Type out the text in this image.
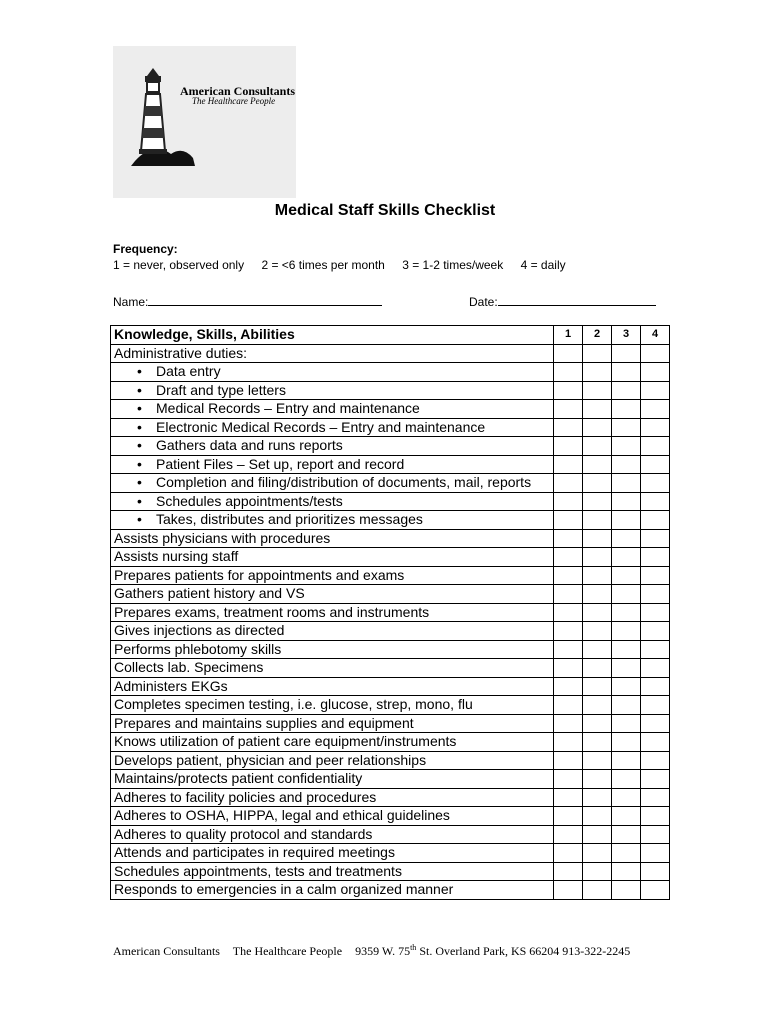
American Consultants
The Healthcare People
Medical Staff Skills Checklist
Frequency:
1 = never, observed only 2 = <6 times per month 3 = 1-2 times/week 4 = daily
Name:	Date:
Knowledge, Skills, Abilities	1	2	3	4
Administrative duties:				
• Data entry				
• Draft and type letters				
• Medical Records – Entry and maintenance				
• Electronic Medical Records – Entry and maintenance				
• Gathers data and runs reports				
• Patient Files – Set up, report and record				
• Completion and filing/distribution of documents, mail, reports				
• Schedules appointments/tests				
• Takes, distributes and prioritizes messages				
Assists physicians with procedures				
Assists nursing staff				
Prepares patients for appointments and exams				
Gathers patient history and VS				
Prepares exams, treatment rooms and instruments				
Gives injections as directed				
Performs phlebotomy skills				
Collects lab. Specimens				
Administers EKGs				
Completes specimen testing, i.e. glucose, strep, mono, flu				
Prepares and maintains supplies and equipment				
Knows utilization of patient care equipment/instruments				
Develops patient, physician and peer relationships				
Maintains/protects patient confidentiality				
Adheres to facility policies and procedures				
Adheres to OSHA, HIPPA, legal and ethical guidelines				
Adheres to quality protocol and standards				
Attends and participates in required meetings				
Schedules appointments, tests and treatments				
Responds to emergencies in a calm organized manner				
American Consultants The Healthcare People 9359 W. 75th St. Overland Park, KS 66204 913-322-2245
